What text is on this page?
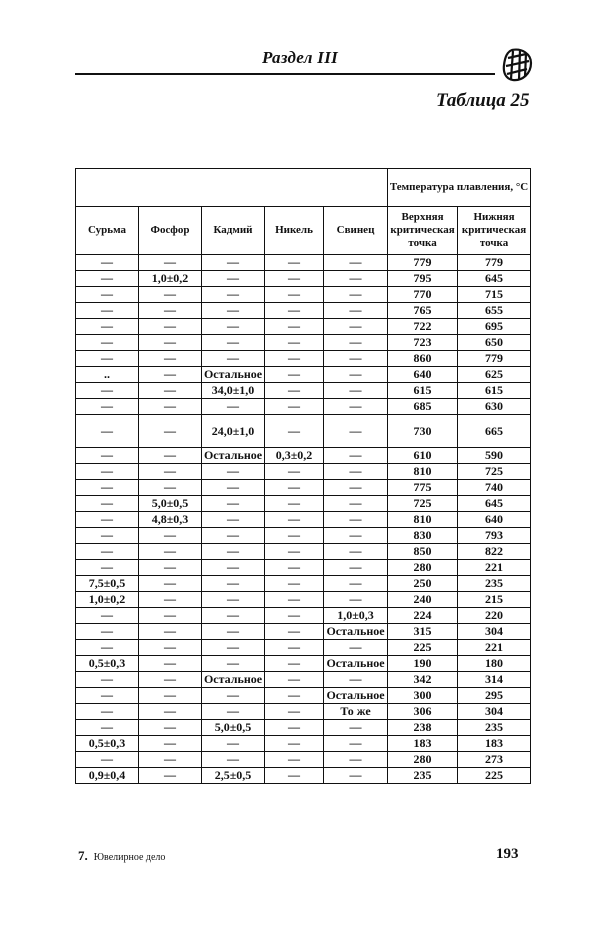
Раздел III
Таблица 25
					Температура плавления, °С	
Сурьма	Фосфор	Кадмий	Никель	Свинец	Верхняя критическая точка	Нижняя критическая точка
—	—	—	—	—	779	779
—	1,0±0,2	—	—	—	795	645
—	—	—	—	—	770	715
—	—	—	—	—	765	655
—	—	—	—	—	722	695
—	—	—	—	—	723	650
—	—	—	—	—	860	779
..	—	Остальное	—	—	640	625
—	—	34,0±1,0	—	—	615	615
—	—	—	—	—	685	630
—	—	24,0±1,0	—	—	730	665
—	—	Остальное	0,3±0,2	—	610	590
—	—	—	—	—	810	725
—	—	—	—	—	775	740
—	5,0±0,5	—	—	—	725	645
—	4,8±0,3	—	—	—	810	640
—	—	—	—	—	830	793
—	—	—	—	—	850	822
—	—	—	—	—	280	221
7,5±0,5	—	—	—	—	250	235
1,0±0,2	—	—	—	—	240	215
—	—	—	—	1,0±0,3	224	220
—	—	—	—	Остальное	315	304
—	—	—	—	—	225	221
0,5±0,3	—	—	—	Остальное	190	180
—	—	Остальное	—	—	342	314
—	—	—	—	Остальное	300	295
—	—	—	—	То же	306	304
—	—	5,0±0,5	—	—	238	235
0,5±0,3	—	—	—	—	183	183
—	—	—	—	—	280	273
0,9±0,4	—	2,5±0,5	—	—	235	225
7. Ювелирное дело	193
